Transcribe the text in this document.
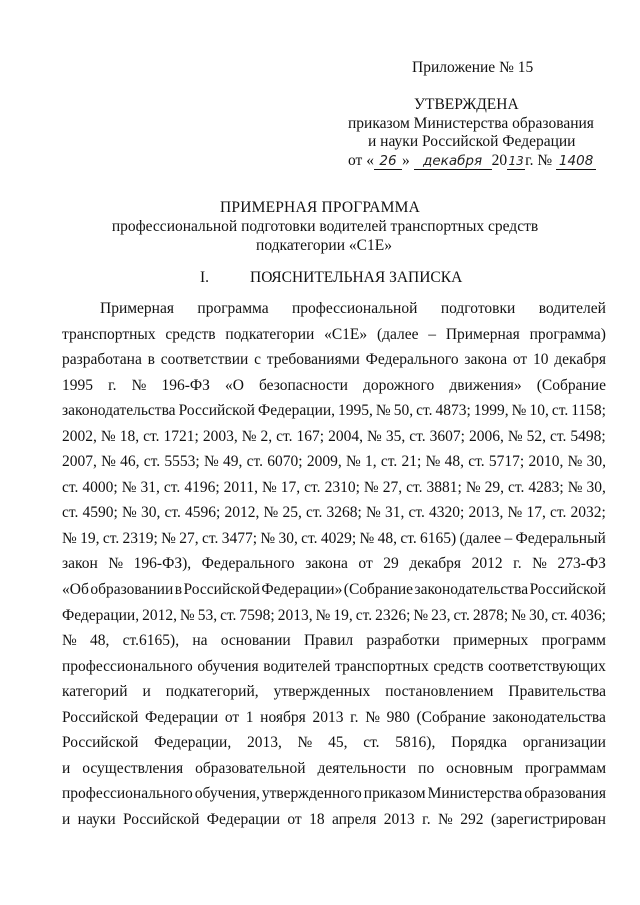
Приложение № 15
УТВЕРЖДЕНА
приказом Министерства образования
и науки Российской Федерации
от « 26 » декабря 2013г. № 1408
ПРИМЕРНАЯ ПРОГРАММА
профессиональной подготовки водителей транспортных средств
подкатегории «С1Е»
I.	ПОЯСНИТЕЛЬНАЯ ЗАПИСКА
Примерная программа профессиональной подготовки водителей
транспортных средств подкатегории «С1Е» (далее – Примерная программа)
разработана в соответствии с требованиями Федерального закона от 10 декабря
1995 г. № 196-ФЗ «О безопасности дорожного движения» (Собрание
законодательства Российской Федерации, 1995, № 50, ст. 4873; 1999, № 10, ст. 1158;
2002, № 18, ст. 1721; 2003, № 2, ст. 167; 2004, № 35, ст. 3607; 2006, № 52, ст. 5498;
2007, № 46, ст. 5553; № 49, ст. 6070; 2009, № 1, ст. 21; № 48, ст. 5717; 2010, № 30,
ст. 4000; № 31, ст. 4196; 2011, № 17, ст. 2310; № 27, ст. 3881; № 29, ст. 4283; № 30,
ст. 4590; № 30, ст. 4596; 2012, № 25, ст. 3268; № 31, ст. 4320; 2013, № 17, ст. 2032;
№ 19, ст. 2319; № 27, ст. 3477; № 30, ст. 4029; № 48, ст. 6165) (далее – Федеральный
закон № 196-ФЗ), Федерального закона от 29 декабря 2012 г. № 273-ФЗ
«Об образовании в Российской Федерации» (Собрание законодательства Российской
Федерации, 2012, № 53, ст. 7598; 2013, № 19, ст. 2326; № 23, ст. 2878; № 30, ст. 4036;
№ 48, ст.6165), на основании Правил разработки примерных программ
профессионального обучения водителей транспортных средств соответствующих
категорий и подкатегорий, утвержденных постановлением Правительства
Российской Федерации от 1 ноября 2013 г. № 980 (Собрание законодательства
Российской Федерации, 2013, № 45, ст. 5816), Порядка организации
и осуществления образовательной деятельности по основным программам
профессионального обучения, утвержденного приказом Министерства образования
и науки Российской Федерации от 18 апреля 2013 г. № 292 (зарегистрирован
